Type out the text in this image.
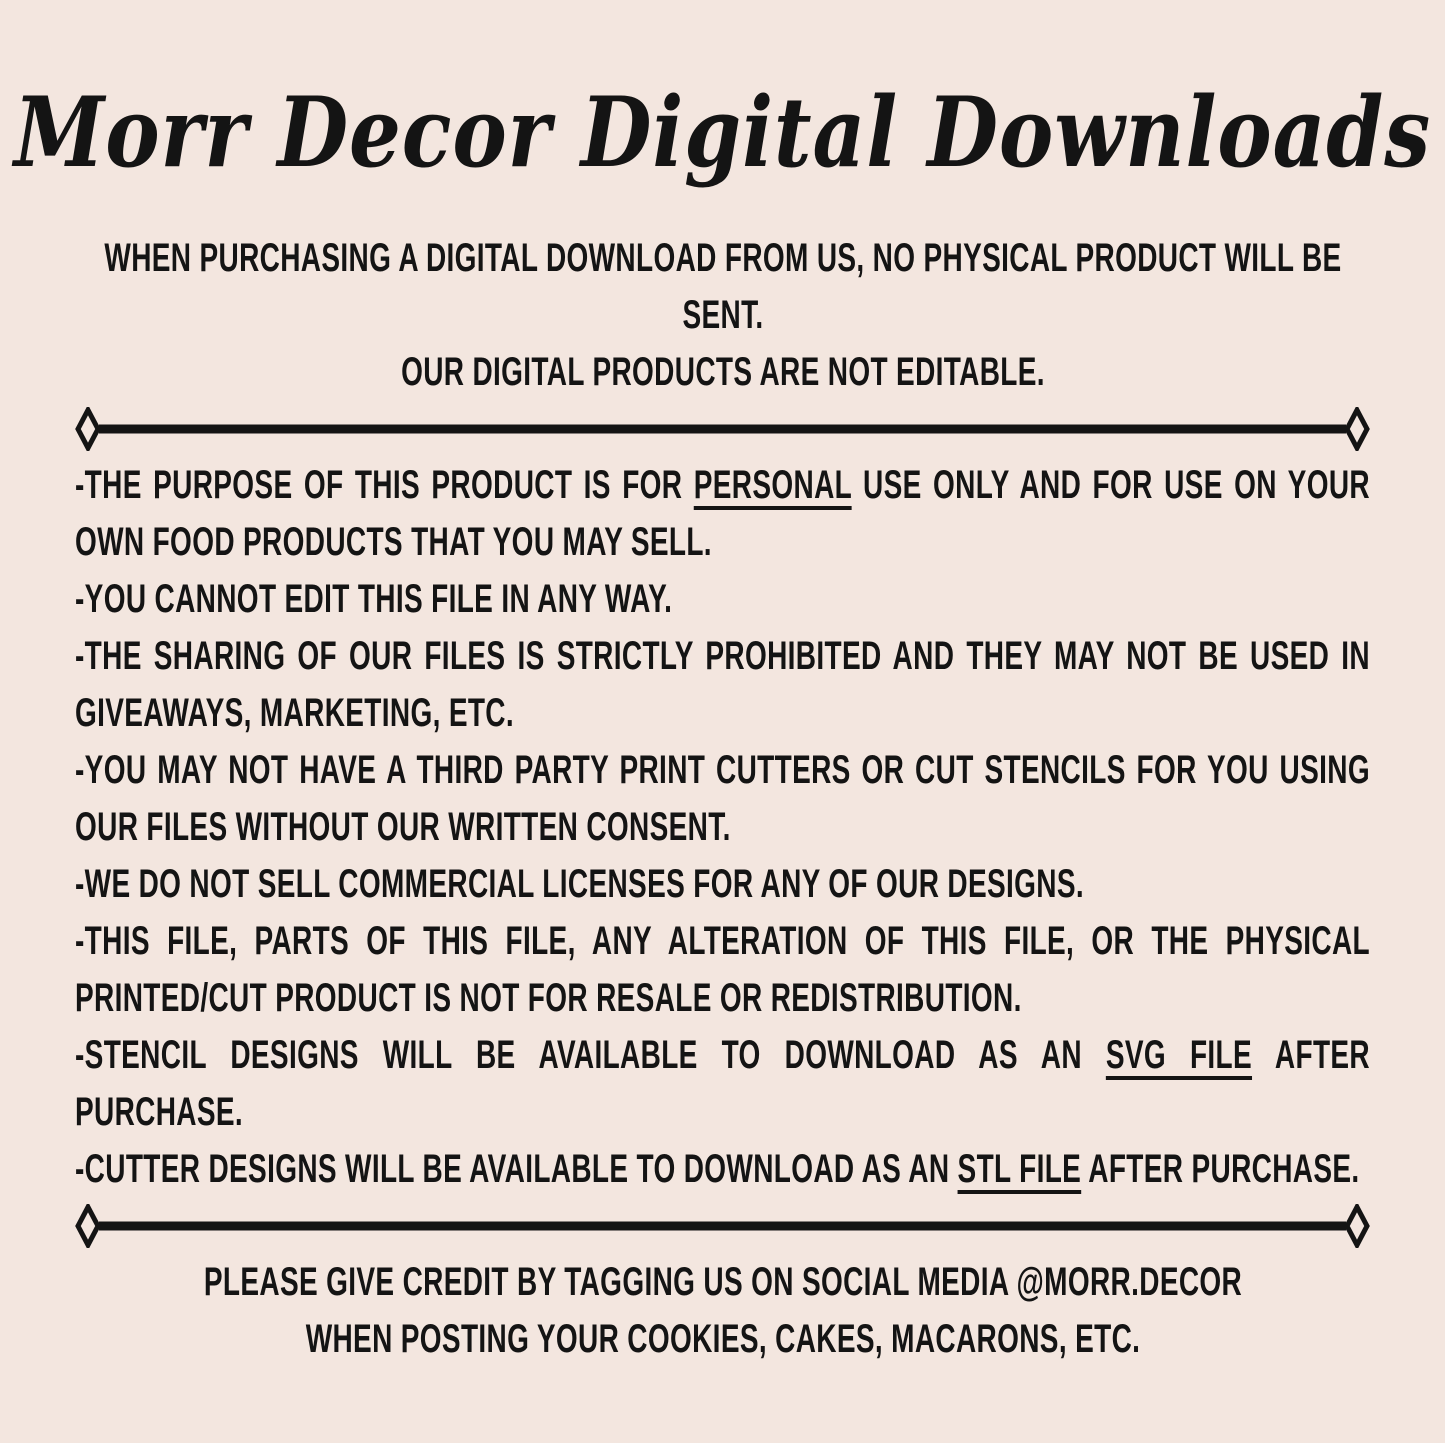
Morr Decor Digital Downloads

WHEN PURCHASING A DIGITAL DOWNLOAD FROM US, NO PHYSICAL PRODUCT WILL BE SENT.

OUR DIGITAL PRODUCTS ARE NOT EDITABLE.

-THE PURPOSE OF THIS PRODUCT IS FOR PERSONAL USE ONLY AND FOR USE ON YOUR OWN FOOD PRODUCTS THAT YOU MAY SELL.

-YOU CANNOT EDIT THIS FILE IN ANY WAY.

-THE SHARING OF OUR FILES IS STRICTLY PROHIBITED AND THEY MAY NOT BE USED IN GIVEAWAYS, MARKETING, ETC.

-YOU MAY NOT HAVE A THIRD PARTY PRINT CUTTERS OR CUT STENCILS FOR YOU USING OUR FILES WITHOUT OUR WRITTEN CONSENT.

-WE DO NOT SELL COMMERCIAL LICENSES FOR ANY OF OUR DESIGNS.

-THIS FILE, PARTS OF THIS FILE, ANY ALTERATION OF THIS FILE, OR THE PHYSICAL PRINTED/CUT PRODUCT IS NOT FOR RESALE OR REDISTRIBUTION.

-STENCIL DESIGNS WILL BE AVAILABLE TO DOWNLOAD AS AN SVG FILE AFTER PURCHASE.

-CUTTER DESIGNS WILL BE AVAILABLE TO DOWNLOAD AS AN STL FILE AFTER PURCHASE.

PLEASE GIVE CREDIT BY TAGGING US ON SOCIAL MEDIA @MORR.DECOR

WHEN POSTING YOUR COOKIES, CAKES, MACARONS, ETC.
